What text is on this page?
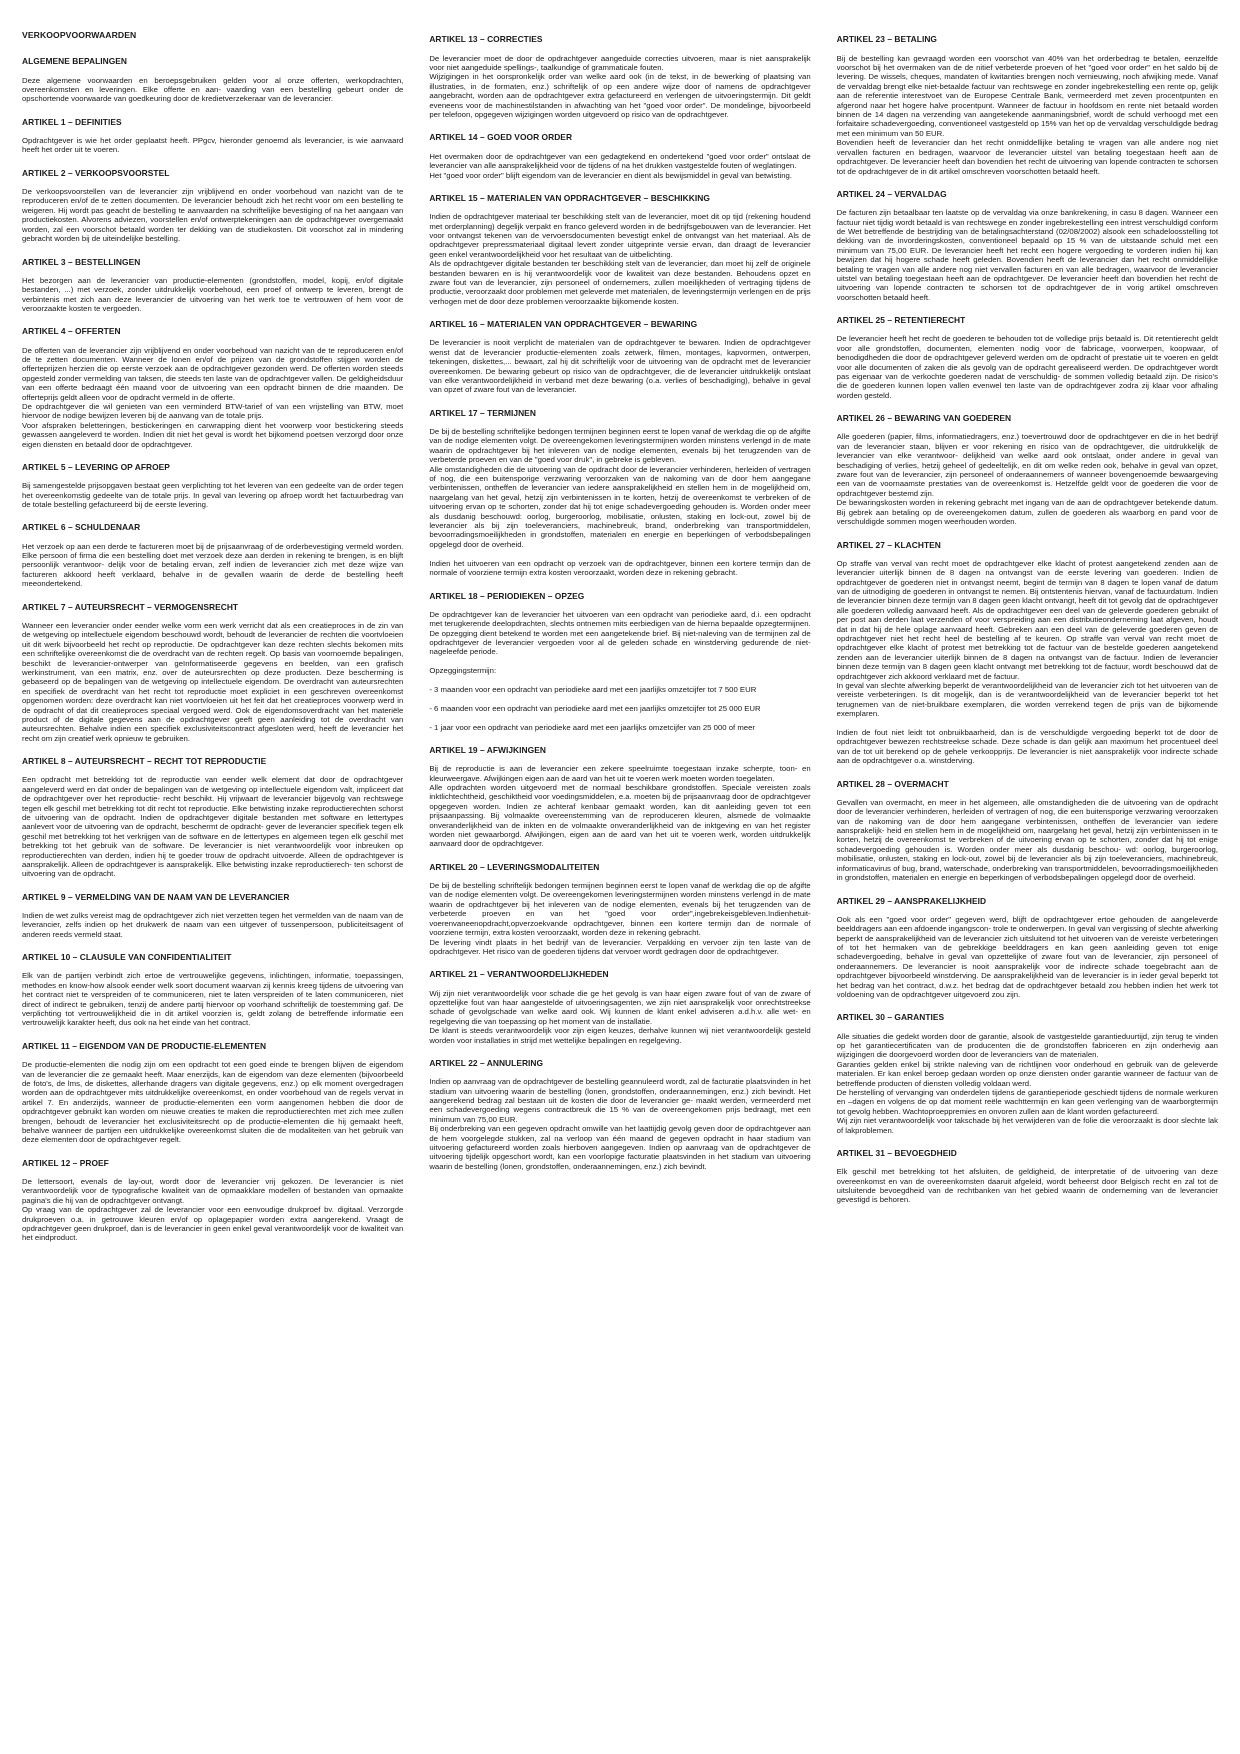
VERKOOPVOORWAARDEN
ALGEMENE BEPALINGEN
Deze algemene voorwaarden en beroepsgebruiken gelden voor al onze offerten, werkopdrachten, overeenkomsten en leveringen. Elke offerte en aan- vaarding van een bestelling gebeurt onder de opschortende voorwaarde van goedkeuring door de kredietverzekeraar van de leverancier.
ARTIKEL 1 – DEFINITIES
Opdrachtgever is wie het order geplaatst heeft. PPgcv, hieronder genoemd als leverancier, is wie aanvaard heeft het order uit te voeren.
ARTIKEL 2 – VERKOOPSVOORSTEL
De verkoopsvoorstellen van de leverancier zijn vrijblijvend en onder voorbehoud van nazicht van de te reproduceren en/of de te zetten documenten. De leverancier behoudt zich het recht voor om een bestelling te weigeren. Hij wordt pas geacht de bestelling te aanvaarden na schriftelijke bevestiging of na het aangaan van productiekosten. Alvorens adviezen, voorstellen en/of ontwerptekeningen aan de opdrachtgever overgemaakt worden, zal een voorschot betaald worden ter dekking van de studiekosten. Dit voorschot zal in mindering gebracht worden bij de uiteindelijke bestelling.
ARTIKEL 3 – BESTELLINGEN
Het bezorgen aan de leverancier van productie-elementen (grondstoffen, model, kopij, en/of digitale bestanden, ...) met verzoek, zonder uitdrukkelijk voorbehoud, een proef of ontwerp te leveren, brengt de verbintenis met zich aan deze leverancier de uitvoering van het werk toe te vertrouwen of hem voor de veroorzaakte kosten te vergoeden.
ARTIKEL 4 – OFFERTEN
De offerten van de leverancier zijn vrijblijvend en onder voorbehoud van nazicht van de te reproduceren en/of de te zetten documenten. Wanneer de lonen en/of de prijzen van de grondstoffen stijgen worden de offerteprijzen herzien die op eerste verzoek aan de opdrachtgever gezonden werd. De offerten worden steeds opgesteld zonder vermelding van taksen, die steeds ten laste van de opdrachtgever vallen. De geldigheidsduur van een offerte bedraagt één maand voor de uitvoering van een opdracht binnen de drie maanden. De offerteprijs geldt alleen voor de opdracht vermeld in de offerte.
De opdrachtgever die wil genieten van een verminderd BTW-tarief of van een vrijstelling van BTW, moet hiervoor de nodige bewijzen leveren bij de aanvang van de totale prijs.
Voor afspraken beletteringen, bestickeringen en carwrapping dient het voorwerp voor bestickering steeds gewassen aangeleverd te worden. Indien dit niet het geval is wordt het bijkomend poetsen verzorgd door onze eigen diensten en betaald door de opdrachtgever.
ARTIKEL 5 – LEVERING OP AFROEP
Bij samengestelde prijsopgaven bestaat geen verplichting tot het leveren van een gedeelte van de order tegen het overeenkomstig gedeelte van de totale prijs. In geval van levering op afroep wordt het factuurbedrag van de totale bestelling gefactureerd bij de eerste levering.
ARTIKEL 6 – SCHULDENAAR
Het verzoek op aan een derde te factureren moet bij de prijsaanvraag of de orderbevestiging vermeld worden. Elke persoon of firma die een bestelling doet met verzoek deze aan derden in rekening te brengen, is en blijft persoonlijk verantwoor- delijk voor de betaling ervan, zelf indien de leverancier zich met deze wijze van factureren akkoord heeft verklaard, behalve in de gevallen waarin de derde de bestelling heeft meeondertekend.
ARTIKEL 7 – AUTEURSRECHT – VERMOGENSRECHT
Wanneer een leverancier onder eender welke vorm een werk verricht dat als een creatieproces in de zin van de wetgeving op intellectuele eigendom beschouwd wordt, behoudt de leverancier de rechten die voortvloeien uit dit werk bijvoorbeeld het recht op reproductie. De opdrachtgever kan deze rechten slechts bekomen mits een schriftelijke overeenkomst die de overdracht van de rechten regelt. Op basis van voornoemde bepalingen, beschikt de leverancier-ontwerper van geïnformatiseerde gegevens en beelden, van een grafisch werkinstrument, van een matrix, enz. over de auteursrechten op deze producten. Deze bescherming is gebaseerd op de bepalingen van de wetgeving op intellectuele eigendom. De overdracht van auteursrechten en specifiek de overdracht van het recht tot reproductie moet expliciet in een geschreven overeenkomst opgenomen worden: deze overdracht kan niet voortvloeien uit het feit dat het creatieproces voorwerp werd in de opdracht of dat dit creatieproces speciaal vergoed werd. Ook de eigendomsoverdracht van het materiële product of de digitale gegevens aan de opdrachtgever geeft geen aanleiding tot de overdracht van auteursrechten. Behalve indien een specifiek exclusiviteitscontract afgesloten werd, heeft de leverancier het recht om zijn creatief werk opnieuw te gebruiken.
ARTIKEL 8 – AUTEURSRECHT – RECHT TOT REPRODUCTIE
Een opdracht met betrekking tot de reproductie van eender welk element dat door de opdrachtgever aangeleverd werd en dat onder de bepalingen van de wetgeving op intellectuele eigendom valt, impliceert dat de opdrachtgever over het reproductie- recht beschikt. Hij vrijwaart de leverancier bijgevolg van rechtswege tegen elk geschil met betrekking tot dit recht tot reproductie. Elke betwisting inzake reproductierechten schorst de uitvoering van de opdracht. Indien de opdrachtgever digitale bestanden met software en lettertypes aanlevert voor de uitvoering van de opdracht, beschermt de opdracht- gever de leverancier specifiek tegen elk geschil met betrekking tot het verkrijgen van de software en de lettertypes en algemeen tegen elk geschil met betrekking tot het gebruik van de software. De leverancier is niet verantwoordelijk voor inbreuken op reproductierechten van derden, indien hij te goeder trouw de opdracht uitvoerde. Alleen de opdrachtgever is aansprakelijk. Alleen de opdrachtgever is aansprakelijk. Elke betwisting inzake reproductierech- ten schorst de uitvoering van de opdracht.
ARTIKEL 9 – VERMELDING VAN DE NAAM VAN DE LEVERANCIER
Indien de wet zulks vereist mag de opdrachtgever zich niet verzetten tegen het vermelden van de naam van de leverancier, zelfs indien op het drukwerk de naam van een uitgever of tussenpersoon, publiciteitsagent of anderen reeds vermeld staat.
ARTIKEL 10 – CLAUSULE VAN CONFIDENTIALITEIT
Elk van de partijen verbindt zich ertoe de vertrouwelijke gegevens, inlichtingen, informatie, toepassingen, methodes en know-how alsook eender welk soort document waarvan zij kennis kreeg tijdens de uitvoering van het contract niet te verspreiden of te communiceren, niet te laten verspreiden of te laten communiceren, niet direct of indirect te gebruiken, tenzij de andere partij hiervoor op voorhand schriftelijk de toestemming gaf. De verplichting tot vertrouwelijkheid die in dit artikel voorzien is, geldt zolang de betreffende informatie een vertrouwelijk karakter heeft, dus ook na het einde van het contract.
ARTIKEL 11 – EIGENDOM VAN DE PRODUCTIE-ELEMENTEN
De productie-elementen die nodig zijn om een opdracht tot een goed einde te brengen blijven de eigendom van de leverancier die ze gemaakt heeft. Maar enerzijds, kan de eigendom van deze elementen (bijvoorbeeld de foto's, de lms, de diskettes, allerhande dragers van digitale gegevens, enz.) op elk moment overgedragen worden aan de opdrachtgever mits uitdrukkelijke overeenkomst, en onder voorbehoud van de regels vervat in artikel 7. En anderzijds, wanneer de productie-elementen een vorm aangenomen hebben die door de opdrachtgever gebruikt kan worden om nieuwe creaties te maken die reproductierechten met zich mee zullen brengen, behoudt de leverancier het exclusiviteitsrecht op de productie-elementen die hij gemaakt heeft, behalve wanneer de partijen een uitdrukkelijke overeenkomst sluiten die de modaliteiten van het gebruik van deze elementen door de opdrachtgever regelt.
ARTIKEL 12 – PROEF
De lettersoort, evenals de lay-out, wordt door de leverancier vrij gekozen. De leverancier is niet verantwoordelijk voor de typografische kwaliteit van de opmaakklare modellen of bestanden van opmaakte pagina's die hij van de opdrachtgever ontvangt.
Op vraag van de opdrachtgever zal de leverancier voor een eenvoudige drukproef bv. digitaal. Verzorgde drukproeven o.a. in getrouwe kleuren en/of op oplagepapier worden extra aangerekend. Vraagt de opdrachtgever geen drukproef, dan is de leverancier in geen enkel geval verantwoordelijk voor de kwaliteit van het eindproduct.
ARTIKEL 13 – CORRECTIES
De leverancier moet de door de opdrachtgever aangeduide correcties uitvoeren, maar is niet aansprakelijk voor niet aangeduide spellings-, taalkundige of grammaticale fouten.
Wijzigingen in het oorspronkelijk order van welke aard ook (in de tekst, in de bewerking of plaatsing van illustraties, in de formaten, enz.) schriftelijk of op een andere wijze door of namens de opdrachtgever aangebracht, worden aan de opdrachtgever extra gefactureerd en verlengen de uitvoeringstermijn. Dit geldt eveneens voor de machinestilstanden in afwachting van het "goed voor order". De mondelinge, bijvoorbeeld per telefoon, opgegeven wijzigingen worden uitgevoerd op risico van de opdrachtgever.
ARTIKEL 14 – GOED VOOR ORDER
Het overmaken door de opdrachtgever van een gedagtekend en ondertekend "goed voor order" ontslaat de leverancier van alle aansprakelijkheid voor de tijdens of na het drukken vastgestelde fouten of weglatingen.
Het "goed voor order" blijft eigendom van de leverancier en dient als bewijsmiddel in geval van betwisting.
ARTIKEL 15 – MATERIALEN VAN OPDRACHTGEVER – BESCHIKKING
Indien de opdrachtgever materiaal ter beschikking stelt van de leverancier, moet dit op tijd (rekening houdend met orderplanning) degelijk verpakt en franco geleverd worden in de bedrijfsgebouwen van de leverancier. Het voor ontvangst tekenen van de vervoersdocumenten bevestigt enkel de ontvangst van het materiaal. Als de opdrachtgever prepressmateriaal digitaal levert zonder uitgeprinte versie ervan, dan draagt de leverancier geen enkel verantwoordelijkheid voor het resultaat van de uitbelichting.
Als de opdrachtgever digitale bestanden ter beschikking stelt van de leverancier, dan moet hij zelf de originele bestanden bewaren en is hij verantwoordelijk voor de kwaliteit van deze bestanden. Behoudens opzet en zware fout van de leverancier, zijn personeel of ondernemers, zullen moeilijkheden of vertraging tijdens de productie, veroorzaakt door problemen met geleverde met materialen, de leveringstermijn verlengen en de prijs verhogen met de door deze problemen veroorzaakte bijkomende kosten.
ARTIKEL 16 – MATERIALEN VAN OPDRACHTGEVER – BEWARING
De leverancier is nooit verplicht de materialen van de opdrachtgever te bewaren. Indien de opdrachtgever wenst dat de leverancier productie-elementen zoals zetwerk, filmen, montages, kapvormen, ontwerpen, tekeningen, diskettes,... bewaart, zal hij dit schriftelijk voor de uitvoering van de opdracht met de leverancier overeenkomen. De bewaring gebeurt op risico van de opdrachtgever, die de leverancier uitdrukkelijk ontslaat van elke verantwoordelijkheid in verband met deze bewaring (o.a. verlies of beschadiging), behalve in geval van opzet of zware fout van de leverancier.
ARTIKEL 17 – TERMIJNEN
De bij de bestelling schriftelijke bedongen termijnen beginnen eerst te lopen vanaf de werkdag die op de afgifte van de nodige elementen volgt. De overeengekomen leveringstermijnen worden minstens verlengd in de mate waarin de opdrachtgever bij het inleveren van de nodige elementen, evenals bij het terugzenden van de verbeterde proeven en van de "goed voor druk", in gebreke is gebleven.
Alle omstandigheden die de uitvoering van de opdracht door de leverancier verhinderen, herleiden of vertragen of nog, die een buitensporige verzwaring veroorzaken van de nakoming van de door hem aangegane verbintenissen, ontheffen de leverancier van iedere aansprakelijkheid en stellen hem in de mogelijkheid om, naargelang van het geval, hetzij zijn verbintenissen in te korten, hetzij de overeenkomst te verbreken of de uitvoering ervan op te schorten, zonder dat hij tot enige schadevergoeding gehouden is. Worden onder meer als dusdanig beschouwd: oorlog, burgeroorlog, mobilisatie, onlusten, staking en lock-out, zowel bij de leverancier als bij zijn toeleveranciers, machinebreuk, brand, onderbreking van transportmiddelen, bevoorradingsmoeilijkheden in grondstoffen, materialen en energie en beperkingen of verbodsbepalingen opgelegd door de overheid.

Indien het uitvoeren van een opdracht op verzoek van de opdrachtgever, binnen een kortere termijn dan de normale of voorziene termijn extra kosten veroorzaakt, worden deze in rekening gebracht.
ARTIKEL 18 – PERIODIEKEN – OPZEG
De opdrachtgever kan de leverancier het uitvoeren van een opdracht van periodieke aard, d.i. een opdracht met terugkerende deelopdrachten, slechts ontnemen mits eerbiedigen van de hierna bepaalde opzegtermijnen. De opzegging dient betekend te worden met een aangetekende brief. Bij niet-naleving van de termijnen zal de opdrachtgever de leverancier vergoeden voor al de geleden schade en winstderving gedurende de niet-nageleefde periode.

Opzeggingstermijn:

- 3 maanden voor een opdracht van periodieke aard met een jaarlijks omzetcijfer tot 7 500 EUR

- 6 maanden voor een opdracht van periodieke aard met een jaarlijks omzetcijfer tot 25 000 EUR

- 1 jaar voor een opdracht van periodieke aard met een jaarlijks omzetcijfer van 25 000 of meer
ARTIKEL 19 – AFWIJKINGEN
Bij de reproductie is aan de leverancier een zekere speelruimte toegestaan inzake scherpte, toon- en kleurweergave. Afwijkingen eigen aan de aard van het uit te voeren werk moeten worden toegelaten.
Alle opdrachten worden uitgevoerd met de normaal beschikbare grondstoffen. Speciale vereisten zoals inktlichtechtheid, geschiktheid voor voedingsmiddelen, e.a. moeten bij de prijsaanvraag door de opdrachtgever opgegeven worden. Indien ze achteraf kenbaar gemaakt worden, kan dit aanleiding geven tot een prijsaanpassing. Bij volmaakte overeenstemming van de reproduceren kleuren, alsmede de volmaakte onveranderlijkheid van de inkten en de volmaakte onveranderlijkheid van de inktgeving en van het register worden niet gewaarborgd. Afwijkingen, eigen aan de aard van het uit te voeren werk, worden uitdrukkelijk aanvaard door de opdrachtgever.
ARTIKEL 20 – LEVERINGSMODALITEITEN
De bij de bestelling schriftelijk bedongen termijnen beginnen eerst te lopen vanaf de werkdag die op de afgifte van de nodige elementen volgt. De overeengekomen leveringstermijnen worden minstens verlengd in de mate waarin de opdrachtgever bij het inleveren van de nodige elementen, evenals bij het terugzenden van de verbeterde proeven en van het "goed voor order",ingebrekeisgebleven.Indienhetuit- voerenvaneenopdracht,opverzoekvande opdrachtgever, binnen een kortere termijn dan de normale of voorziene termijn, extra kosten veroorzaakt, worden deze in rekening gebracht.
De levering vindt plaats in het bedrijf van de leverancier. Verpakking en vervoer zijn ten laste van de opdrachtgever. Het risico van de goederen tijdens dat vervoer wordt gedragen door de opdrachtgever.
ARTIKEL 21 – VERANTWOORDELIJKHEDEN
Wij zijn niet verantwoordelijk voor schade die ge het gevolg is van haar eigen zware fout of van de zware of opzettelijke fout van haar aangestelde of uitvoeringsagenten, we zijn niet aansprakelijk voor onrechtstreekse schade of gevolgschade van welke aard ook. Wij kunnen de klant enkel adviseren a.d.h.v. alle wet- en regelgeving die van toepassing op het moment van de installatie.
De klant is steeds verantwoordelijk voor zijn eigen keuzes, derhalve kunnen wij niet verantwoordelijk gesteld worden voor installaties in strijd met wettelijke bepalingen en regelgeving.
ARTIKEL 22 – ANNULERING
Indien op aanvraag van de opdrachtgever de bestelling geannuleerd wordt, zal de facturatie plaatsvinden in het stadium van uitvoering waarin de bestelling (lonen, grondstoffen, onderaannemingen, enz.) zich bevindt. Het aangerekend bedrag zal bestaan uit de kosten die door de leverancier ge- maakt werden, vermeerderd met een schadevergoeding wegens contractbreuk die 15 % van de overeengekomen prijs bedraagt, met een minimum van 75,00 EUR.
Bij onderbreking van een gegeven opdracht omwille van het laattijdig gevolg geven door de opdrachtgever aan de hem voorgelegde stukken, zal na verloop van één maand de gegeven opdracht in haar stadium van uitvoering gefactureerd worden zoals hierboven aangegeven. Indien op aanvraag van de opdrachtgever de uitvoering tijdelijk opgeschort wordt, kan een voorlopige facturatie plaatsvinden in het stadium van uitvoering waarin de bestelling (lonen, grondstoffen, onderaannemingen, enz.) zich bevindt.
ARTIKEL 23 – BETALING
Bij de bestelling kan gevraagd worden een voorschot van 40% van het orderbedrag te betalen, eenzelfde voorschot bij het overmaken van de de nitief verbeterde proeven of het "goed voor order" en het saldo bij de levering. De wissels, cheques, mandaten of kwitanties brengen noch vernieuwing, noch afwijking mede. Vanaf de vervaldag brengt elke niet-betaalde factuur van rechtswege en zonder ingebrekestelling een rente op, gelijk aan de referentie interestvoet van de Europese Centrale Bank, vermeerderd met zeven procentpunten en afgerond naar het hogere halve procentpunt. Wanneer de factuur in hoofdsom en rente niet betaald worden binnen de 14 dagen na verzending van aangetekende aanmaningsbrief, wordt de schuld verhoogd met een forfaitaire schadevergoeding, conventioneel vastgesteld op 15% van het op de vervaldag verschuldigde bedrag met een minimum van 50 EUR.
Bovendien heeft de leverancier dan het recht onmiddellijke betaling te vragen van alle andere nog niet vervallen facturen en bedragen, waarvoor de leverancier uitstel van betaling toegestaan heeft aan de opdrachtgever. De leverancier heeft dan bovendien het recht de uitvoering van lopende contracten te schorsen tot de opdrachtgever de in dit artikel omschreven voorschotten betaald heeft.
ARTIKEL 24 – VERVALDAG
De facturen zijn betaalbaar ten laatste op de vervaldag via onze bankrekening, in casu 8 dagen. Wanneer een factuur niet tijdig wordt betaald is van rechtswege en zonder ingebrekestelling een intrest verschuldigd conform de Wet betreffende de bestrijding van de betalingsachterstand (02/08/2002) alsook een schadeloosstelling tot dekking van de invorderingskosten, conventioneel bepaald op 15 % van de uitstaande schuld met een minimum van 75,00 EUR. De leverancier heeft het recht een hogere vergoeding te vorderen indien hij kan bewijzen dat hij hogere schade heeft geleden. Bovendien heeft de leverancier dan het recht onmiddellijke betaling te vragen van alle andere nog niet vervallen facturen en van alle bedragen, waarvoor de leverancier uitstel van betaling toegestaan heeft aan de opdrachtgever. De leverancier heeft dan bovendien het recht de uitvoering van lopende contracten te schorsen tot de opdrachtgever de in vorig artikel omschreven voorschotten betaald heeft.
ARTIKEL 25 – RETENTIERECHT
De leverancier heeft het recht de goederen te behouden tot de volledige prijs betaald is. Dit retentierecht geldt voor alle grondstoffen, documenten, elementen nodig voor de fabricage, voorwerpen, koopwaar, of benodigdheden die door de opdrachtgever geleverd werden om de opdracht of prestatie uit te voeren en geldt voor alle documenten of zaken die als gevolg van de opdracht gerealiseerd werden. De opdrachtgever wordt pas eigenaar van de verkochte goederen nadat de verschuldig- de sommen volledig betaald zijn. De risico's die de goederen kunnen lopen vallen evenwel ten laste van de opdrachtgever zodra zij klaar voor afhaling worden gesteld.
ARTIKEL 26 – BEWARING VAN GOEDEREN
Alle goederen (papier, films, informatiedragers, enz.) toevertrouwd door de opdrachtgever en die in het bedrijf van de leverancier staan, blijven er voor rekening en risico van de opdrachtgever, die uitdrukkelijk de leverancier van elke verantwoor- delijkheid van welke aard ook ontslaat, onder andere in geval van beschadiging of verlies, hetzij geheel of gedeeltelijk, en dit om welke reden ook, behalve in geval van opzet, zware fout van de leverancier, zijn personeel of onderaannemers of wanneer bovengenoemde bewaargeving een van de voornaamste prestaties van de overeenkomst is. Hetzelfde geldt voor de goederen die voor de opdrachtgever bestemd zijn.
De bewaringskosten worden in rekening gebracht met ingang van de aan de opdrachtgever betekende datum. Bij gebrek aan betaling op de overeengekomen datum, zullen de goederen als waarborg en pand voor de verschuldigde sommen mogen weerhouden worden.
ARTIKEL 27 – KLACHTEN
Op straffe van verval van recht moet de opdrachtgever elke klacht of protest aangetekend zenden aan de leverancier uiterlijk binnen de 8 dagen na ontvangst van de eerste levering van goederen. Indien de opdrachtgever de goederen niet in ontvangst neemt, begint de termijn van 8 dagen te lopen vanaf de datum van de uitnodiging de goederen in ontvangst te nemen. Bij ontstentenis hiervan, vanaf de factuurdatum. Indien de leverancier binnen deze termijn van 8 dagen geen klacht ontvangt, heeft dit tot gevolg dat de opdrachtgever alle goederen volledig aanvaard heeft. Als de opdrachtgever een deel van de geleverde goederen gebruikt of per post aan derden laat verzenden of voor verspreiding aan een distributieonderneming laat afgeven, houdt dat in dat hij de hele oplage aanvaard heeft. Gebreken aan een deel van de geleverde goederen geven de opdrachtgever niet het recht heel de bestelling af te keuren. Op straffe van verval van recht moet de opdrachtgever elke klacht of protest met betrekking tot de factuur van de bestelde goederen aangetekend zenden aan de leverancier uiterlijk binnen de 8 dagen na ontvangst van de factuur. Indien de leverancier binnen deze termijn van 8 dagen geen klacht ontvangt met betrekking tot de factuur, wordt beschouwd dat de opdrachtgever zich akkoord verklaard met de factuur.
In geval van slechte afwerking beperkt de verantwoordelijkheid van de leverancier zich tot het uitvoeren van de vereiste verbeteringen. Is dit mogelijk, dan is de verantwoordelijkheid van de leverancier beperkt tot het terugnemen van de niet-bruikbare exemplaren, die worden verrekend tegen de prijs van de bijkomende exemplaren.

Indien de fout niet leidt tot onbruikbaarheid, dan is de verschuldigde vergoeding beperkt tot de door de opdrachtgever bewezen rechtstreekse schade. Deze schade is dan gelijk aan maximum het procentueel deel van de tot uit berekend op de gehele verkoopprijs. De leverancier is niet aansprakelijk voor indirecte schade aan de opdrachtgever o.a. winstderving.
ARTIKEL 28 – OVERMACHT
Gevallen van overmacht, en meer in het algemeen, alle omstandigheden die de uitvoering van de opdracht door de leverancier verhinderen, herleiden of vertragen of nog, die een buitensporige verzwaring veroorzaken van de nakoming van de door hem aangegane verbintenissen, ontheffen de leverancier van iedere aansprakelijk- heid en stellen hem in de mogelijkheid om, naargelang het geval, hetzij zijn verbintenissen in te korten, hetzij de overeenkomst te verbreken of de uitvoering ervan op te schorten, zonder dat hij tot enige schadevergoeding gehouden is. Worden onder meer als dusdanig beschou- wd: oorlog, burgeroorlog, mobilisatie, onlusten, staking en lock-out, zowel bij de leverancier als bij zijn toeleveranciers, machinebreuk, informaticavirus of bug, brand, waterschade, onderbreking van transportmiddelen, bevoorradingsmoeilijkheden in grondstoffen, materialen en energie en beperkingen of verbodsbepalingen opgelegd door de overheid.
ARTIKEL 29 – AANSPRAKELIJKHEID
Ook als een "goed voor order" gegeven werd, blijft de opdrachtgever ertoe gehouden de aangeleverde beelddragers aan een afdoende ingangscon- trole te onderwerpen. In geval van vergissing of slechte afwerking beperkt de aansprakelijkheid van de leverancier zich uitsluitend tot het uitvoeren van de vereiste verbeteringen of tot het hermaken van de gebrekkige beelddragers en kan geen aanleiding geven tot enige schadevergoeding, behalve in geval van opzettelijke of zware fout van de leverancier, zijn personeel of onderaannemers. De leverancier is nooit aansprakelijk voor de indirecte schade toegebracht aan de opdrachtgever bijvoorbeeld winstderving. De aansprakelijkheid van de leverancier is in ieder geval beperkt tot het bedrag van het contract, d.w.z. het bedrag dat de opdrachtgever betaald zou hebben indien het werk tot voldoening van de opdrachtgever uitgevoerd zou zijn.
ARTIKEL 30 – GARANTIES
Alle situaties die gedekt worden door de garantie, alsook de vastgestelde garantieduurtijd, zijn terug te vinden op het garantiecertificaten van de producenten die de grondstoffen fabriceren en zijn onderhevig aan wijzigingen die doorgevoerd worden door de leveranciers van de materialen.
Garanties gelden enkel bij strikte naleving van de richtlijnen voor onderhoud en gebruik van de geleverde materialen. Er kan enkel beroep gedaan worden op onze diensten onder garantie wanneer de factuur van de betreffende producten of diensten volledig voldaan werd.
De herstelling of vervanging van onderdelen tijdens de garantieperiode geschiedt tijdens de normale werkuren en –dagen en volgens de op dat moment reële wachttermijn en kan geen verlenging van de waarborgtermijn tot gevolg hebben. Wachtoproeppremies en onvoren zullen aan de klant worden gefactureerd.
Wij zijn niet verantwoordelijk voor takschade bij het verwijderen van de folie die veroorzaakt is door slechte lak of lakproblemen.
ARTIKEL 31 – BEVOEGDHEID
Elk geschil met betrekking tot het afsluiten, de geldigheid, de interpretatie of de uitvoering van deze overeenkomst en van de overeenkomsten daaruit afgeleid, wordt beheerst door Belgisch recht en zal tot de uitsluitende bevoegdheid van de rechtbanken van het gebied waarin de onderneming van de leverancier gevestigd is behoren.
